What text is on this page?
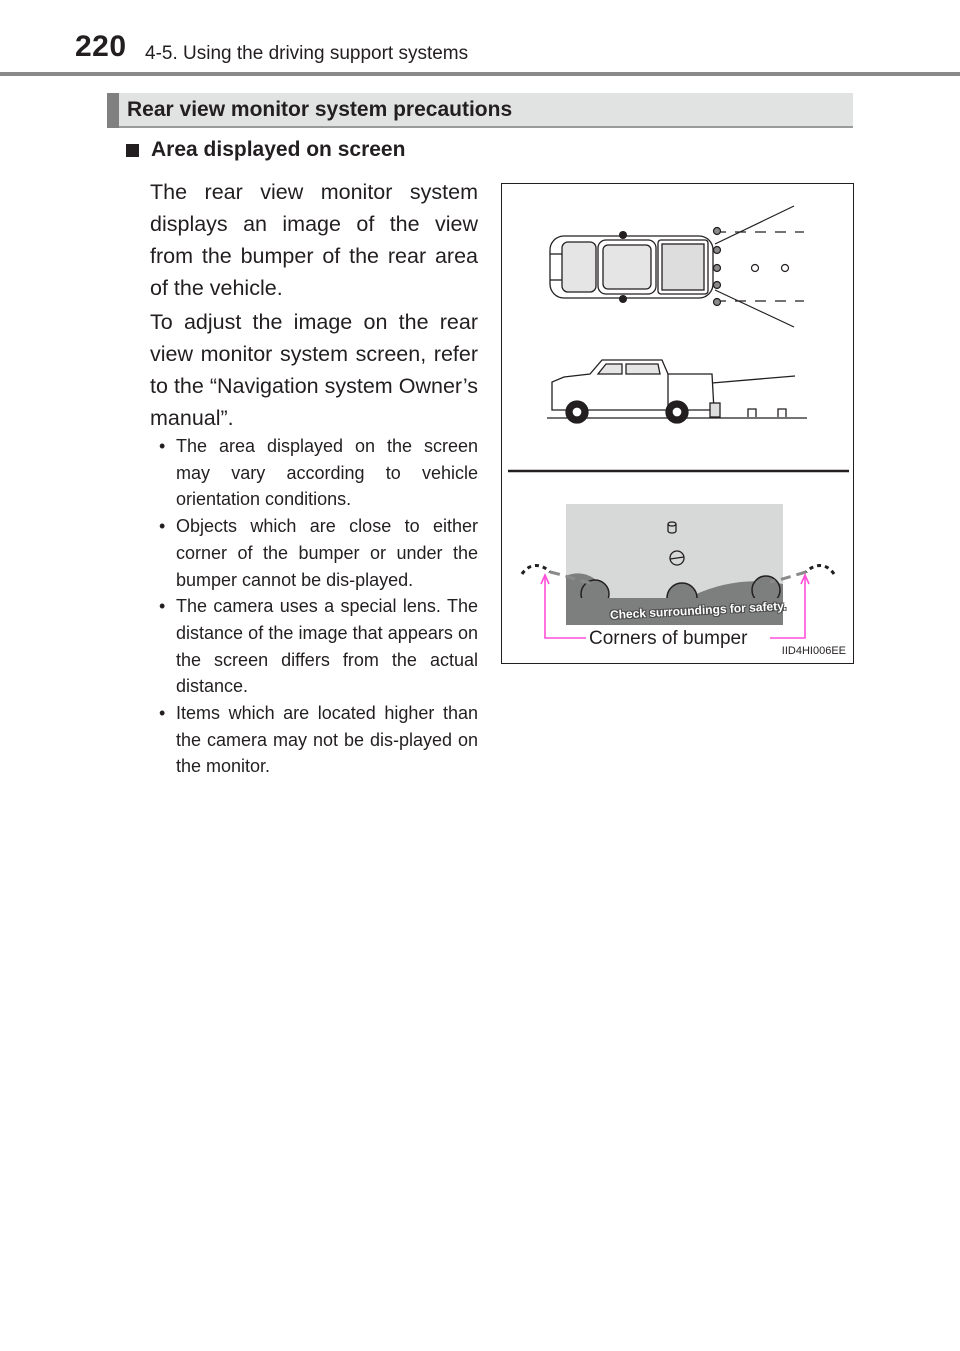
220 4-5. Using the driving support systems
Rear view monitor system precautions
Area displayed on screen

The rear view monitor system displays an image of the view from the bumper of the rear area of the vehicle.

To adjust the image on the rear view monitor system screen, refer to the “Navigation system Owner’s manual”.

• The area displayed on the screen may vary according to vehicle orientation conditions.
• Objects which are close to either corner of the bumper or under the bumper cannot be dis-played.
• The camera uses a special lens. The distance of the image that appears on the screen differs from the actual distance.
• Items which are located higher than the camera may not be dis-played on the monitor.
Check surroundings for safety.
Corners of bumper
IID4HI006EE
